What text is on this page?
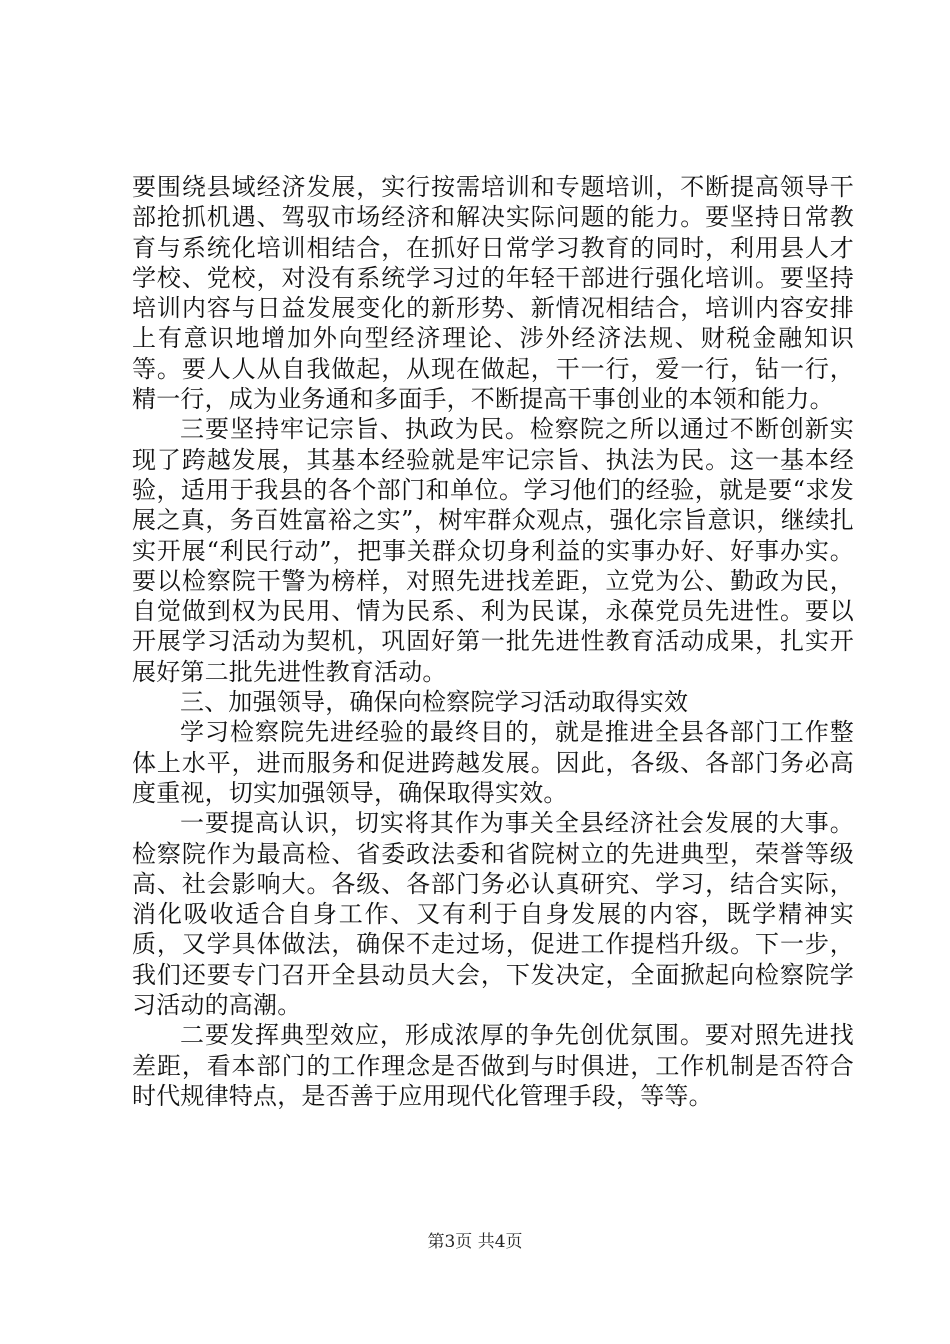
要围绕县域经济发展，实行按需培训和专题培训，不断提高领导干部抢抓机遇、驾驭市场经济和解决实际问题的能力。要坚持日常教育与系统化培训相结合，在抓好日常学习教育的同时，利用县人才学校、党校，对没有系统学习过的年轻干部进行强化培训。要坚持培训内容与日益发展变化的新形势、新情况相结合，培训内容安排上有意识地增加外向型经济理论、涉外经济法规、财税金融知识等。要人人从自我做起，从现在做起，干一行，爱一行，钻一行，精一行，成为业务通和多面手，不断提高干事创业的本领和能力。

三要坚持牢记宗旨、执政为民。检察院之所以通过不断创新实现了跨越发展，其基本经验就是牢记宗旨、执法为民。这一基本经验，适用于我县的各个部门和单位。学习他们的经验，就是要“求发展之真，务百姓富裕之实”，树牢群众观点，强化宗旨意识，继续扎实开展“利民行动”，把事关群众切身利益的实事办好、好事办实。要以检察院干警为榜样，对照先进找差距，立党为公、勤政为民，自觉做到权为民用、情为民系、利为民谋，永葆党员先进性。要以开展学习活动为契机，巩固好第一批先进性教育活动成果，扎实开展好第二批先进性教育活动。

三、加强领导，确保向检察院学习活动取得实效

学习检察院先进经验的最终目的，就是推进全县各部门工作整体上水平，进而服务和促进跨越发展。因此，各级、各部门务必高度重视，切实加强领导，确保取得实效。

一要提高认识，切实将其作为事关全县经济社会发展的大事。检察院作为最高检、省委政法委和省院树立的先进典型，荣誉等级高、社会影响大。各级、各部门务必认真研究、学习，结合实际，消化吸收适合自身工作、又有利于自身发展的内容，既学精神实质，又学具体做法，确保不走过场，促进工作提档升级。下一步，我们还要专门召开全县动员大会，下发决定，全面掀起向检察院学习活动的高潮。

二要发挥典型效应，形成浓厚的争先创优氛围。要对照先进找差距，看本部门的工作理念是否做到与时俱进，工作机制是否符合时代规律特点，是否善于应用现代化管理手段，等等。

第3页 共4页
